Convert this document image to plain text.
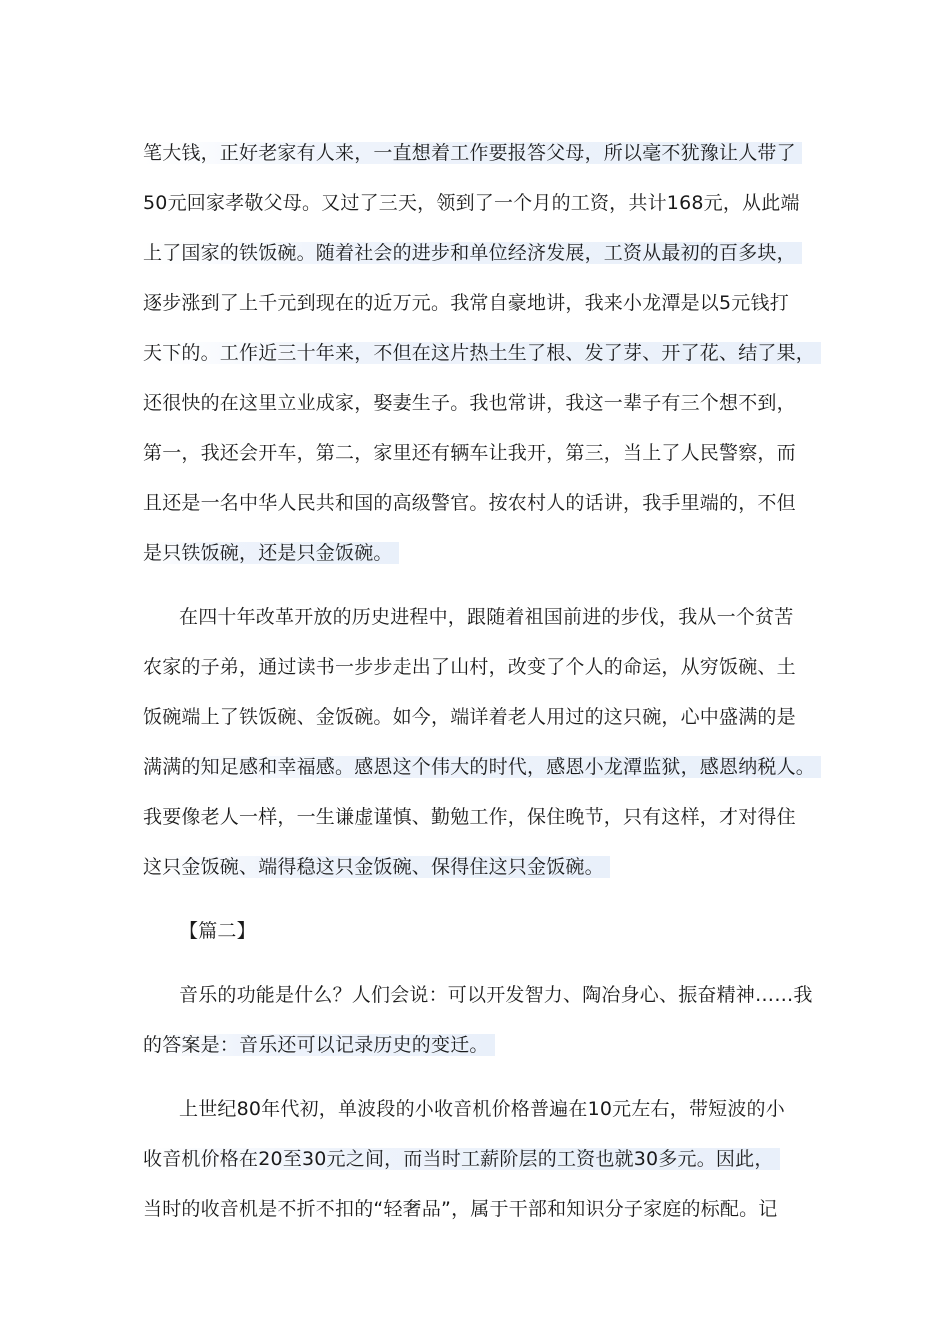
笔大钱，正好老家有人来，一直想着工作要报答父母，所以毫不犹豫让人带了
50元回家孝敬父母。又过了三天，领到了一个月的工资，共计168元，从此端
上了国家的铁饭碗。随着社会的进步和单位经济发展，工资从最初的百多块，
逐步涨到了上千元到现在的近万元。我常自豪地讲，我来小龙潭是以5元钱打
天下的。工作近三十年来，不但在这片热土生了根、发了芽、开了花、结了果，
还很快的在这里立业成家，娶妻生子。我也常讲，我这一辈子有三个想不到，
第一，我还会开车，第二，家里还有辆车让我开，第三，当上了人民警察，而
且还是一名中华人民共和国的高级警官。按农村人的话讲，我手里端的，不但
是只铁饭碗，还是只金饭碗。
在四十年改革开放的历史进程中，跟随着祖国前进的步伐，我从一个贫苦
农家的子弟，通过读书一步步走出了山村，改变了个人的命运，从穷饭碗、土
饭碗端上了铁饭碗、金饭碗。如今，端详着老人用过的这只碗，心中盛满的是
满满的知足感和幸福感。感恩这个伟大的时代，感恩小龙潭监狱，感恩纳税人。
我要像老人一样，一生谦虚谨慎、勤勉工作，保住晚节，只有这样，才对得住
这只金饭碗、端得稳这只金饭碗、保得住这只金饭碗。
【篇二】
音乐的功能是什么？人们会说：可以开发智力、陶冶身心、振奋精神……我
的答案是：音乐还可以记录历史的变迁。
上世纪80年代初，单波段的小收音机价格普遍在10元左右，带短波的小
收音机价格在20至30元之间，而当时工薪阶层的工资也就30多元。因此，
当时的收音机是不折不扣的“轻奢品”，属于干部和知识分子家庭的标配。记
